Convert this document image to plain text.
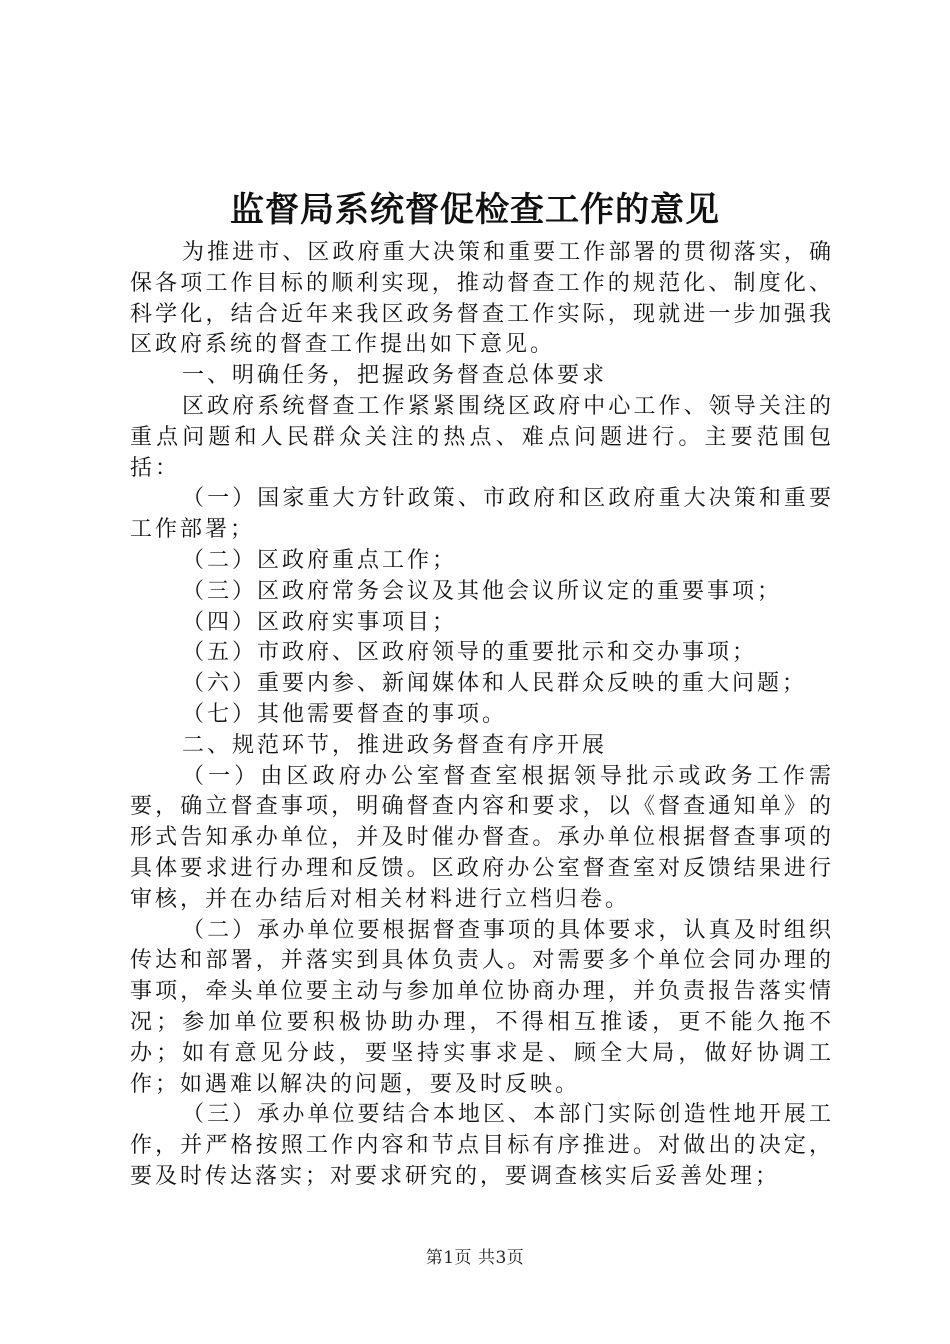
监督局系统督促检查工作的意见

为推进市、区政府重大决策和重要工作部署的贯彻落实，确保各项工作目标的顺利实现，推动督查工作的规范化、制度化、科学化，结合近年来我区政务督查工作实际，现就进一步加强我区政府系统的督查工作提出如下意见。

一、明确任务，把握政务督查总体要求

区政府系统督查工作紧紧围绕区政府中心工作、领导关注的重点问题和人民群众关注的热点、难点问题进行。主要范围包括：

（一）国家重大方针政策、市政府和区政府重大决策和重要工作部署；

（二）区政府重点工作；

（三）区政府常务会议及其他会议所议定的重要事项；

（四）区政府实事项目；

（五）市政府、区政府领导的重要批示和交办事项；

（六）重要内参、新闻媒体和人民群众反映的重大问题；

（七）其他需要督查的事项。

二、规范环节，推进政务督查有序开展

（一）由区政府办公室督查室根据领导批示或政务工作需要，确立督查事项，明确督查内容和要求，以《督查通知单》的形式告知承办单位，并及时催办督查。承办单位根据督查事项的具体要求进行办理和反馈。区政府办公室督查室对反馈结果进行审核，并在办结后对相关材料进行立档归卷。

（二）承办单位要根据督查事项的具体要求，认真及时组织传达和部署，并落实到具体负责人。对需要多个单位会同办理的事项，牵头单位要主动与参加单位协商办理，并负责报告落实情况；参加单位要积极协助办理，不得相互推诿，更不能久拖不办；如有意见分歧，要坚持实事求是、顾全大局，做好协调工作；如遇难以解决的问题，要及时反映。

（三）承办单位要结合本地区、本部门实际创造性地开展工作，并严格按照工作内容和节点目标有序推进。对做出的决定，要及时传达落实；对要求研究的，要调查核实后妥善处理；

第1页 共3页
